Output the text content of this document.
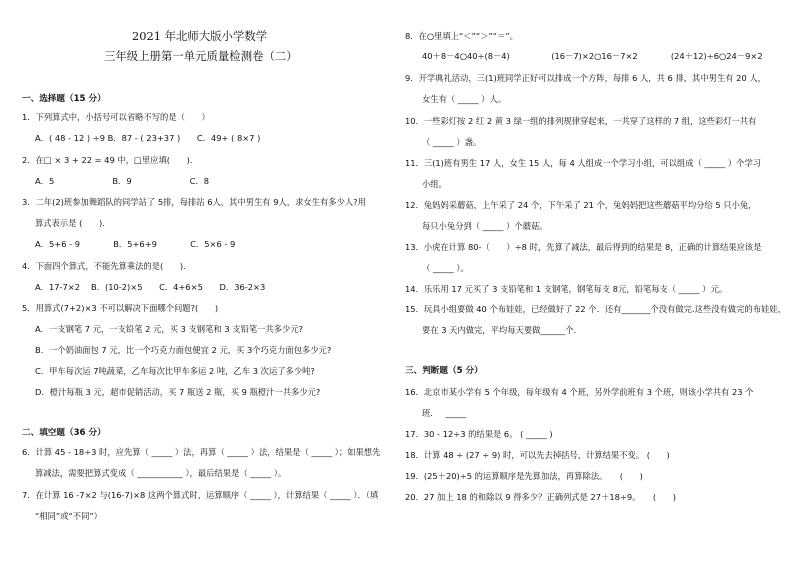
2021 年北师大版小学数学
三年级上册第一单元质量检测卷（二）
一、选择题（15 分）
1．下列算式中，小括号可以省略不写的是（　　）
A．( 48 - 12 ) ÷9 B．87 - ( 23+37 )　　C．49+ ( 8×7 )
2．在□ × 3 + 22 = 49 中，□里应填(　　)．
A．5　　　　　　　B．9　　　　　　　C．8
3．二年(2)班参加舞蹈队的同学站了 5排，每排站 6人，其中男生有 9人，求女生有多少人?用
算式表示是 (　　)．
A．5+6 - 9　　　　B．5+6+9　　　　C．5×6 - 9
4．下面四个算式，不能先算乘法的是(　　)．
A．17-7×2　 B．(10-2)×5　　C．4+6×5　　D．36-2×3
5．用算式(7+2)×3 不可以解决下面哪个问题?(　　)
A．一支钢笔 7 元，一支铅笔 2 元，买 3 支钢笔和 3 支铅笔一共多少元?
B．一个奶油面包 7 元，比一个巧克力面包便宜 2 元，买 3个巧克力面包多少元?
C．甲车每次运 7吨蔬菜，乙车每次比甲车多运 2 吨，乙车 3 次运了多少吨?
D．橙汁每瓶 3 元，超市促销活动，买 7 瓶送 2 瓶，买 9 瓶橙汁一共多少元?
二、填空题（36 分）
6．计算 45 - 18÷3 时，应先算（ _____ ）法，再算（ _____ ）法，结果是（ _____ ）；如果想先
算减法，需要把算式变成（ ___________ ），最后结果是（ _____ ）。
7．在计算 16 -7×2 与(16-7)×8 这两个算式时，运算顺序（ _____ ），计算结果（ _____ ）．（填
“相同”或“不同”）
8．在○里填上“＜”“＞”“＝”。
40＋8－4○40÷(8－4)　　　　　(16－7)×2○16－7×2　　　　(24＋12)÷6○24－9×2
9．开学典礼活动，三(1)班同学正好可以排成一个方阵，每排 6 人，共 6 排，其中男生有 20 人，
女生有（ _____ ）人。
10．一些彩灯按 2 红 2 黄 3 绿一组的排列规律穿起来，一共穿了这样的 7 组，这些彩灯一共有
（ _____ ）盏。
11．三(1)班有男生 17 人，女生 15 人，每 4 人组成一个学习小组，可以组成（ _____ ）个学习
小组。
12．兔妈妈采蘑菇，上午采了 24 个，下午采了 21 个，兔妈妈把这些蘑菇平均分给 5 只小兔，
每只小兔分到（ _____ ）个蘑菇。
13．小虎在计算 80-（　　）÷8 时，先算了减法，最后得到的结果是 8，正确的计算结果应该是
（ _____ ）。
14．乐乐用 17 元买了 3 支铅笔和 1 支钢笔，钢笔每支 8元，铅笔每支（ _____ ）元。
15．玩具小组要做 40 个布娃娃，已经做好了 22 个．还有_______个没有做完.这些没有做完的布娃娃，
要在 3 天内做完，平均每天要做______个．
三、判断题（5 分）
16．北京市某小学有 5 个年级，每年级有 4 个班，另外学前班有 3 个班，则该小学共有 23 个
班．　 _____
17．30 - 12÷3 的结果是 6。 ( _____ )
18．计算 48 ÷ (27 ÷ 9) 时，可以先去掉括号，计算结果不变。 (　　)
19．(25＋20)÷5 的运算顺序是先算加法，再算除法。　　(　　)
20．27 加上 18 的和除以 9 得多少？正确列式是 27＋18÷9。　　(　　)
